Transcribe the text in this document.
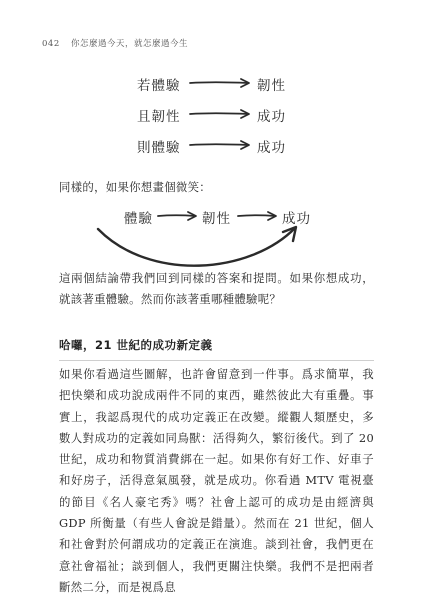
042 你怎麼過今天，就怎麼過今生
若體驗	韌性
且韌性	成功
則體驗	成功
同樣的，如果你想畫個微笑：
體驗	韌性	成功
這兩個結論帶我們回到同樣的答案和提問。如果你想成功，就該著重體驗。然而你該著重哪種體驗呢？
哈囉，21 世紀的成功新定義
如果你看過這些圖解，也許會留意到一件事。爲求簡單，我把快樂和成功說成兩件不同的東西，雖然彼此大有重疊。事實上，我認爲現代的成功定義正在改變。縱觀人類歷史，多數人對成功的定義如同鳥獸：活得夠久，繁衍後代。到了 20 世紀，成功和物質消費綁在一起。如果你有好工作、好車子和好房子，活得意氣風發，就是成功。你看過 MTV 電視臺的節目《名人豪宅秀》嗎？社會上認可的成功是由經濟與 GDP 所衡量（有些人會說是錯量）。然而在 21 世紀，個人和社會對於何謂成功的定義正在演進。談到社會，我們更在意社會福祉；談到個人，我們更關注快樂。我們不是把兩者斷然二分，而是視爲息
